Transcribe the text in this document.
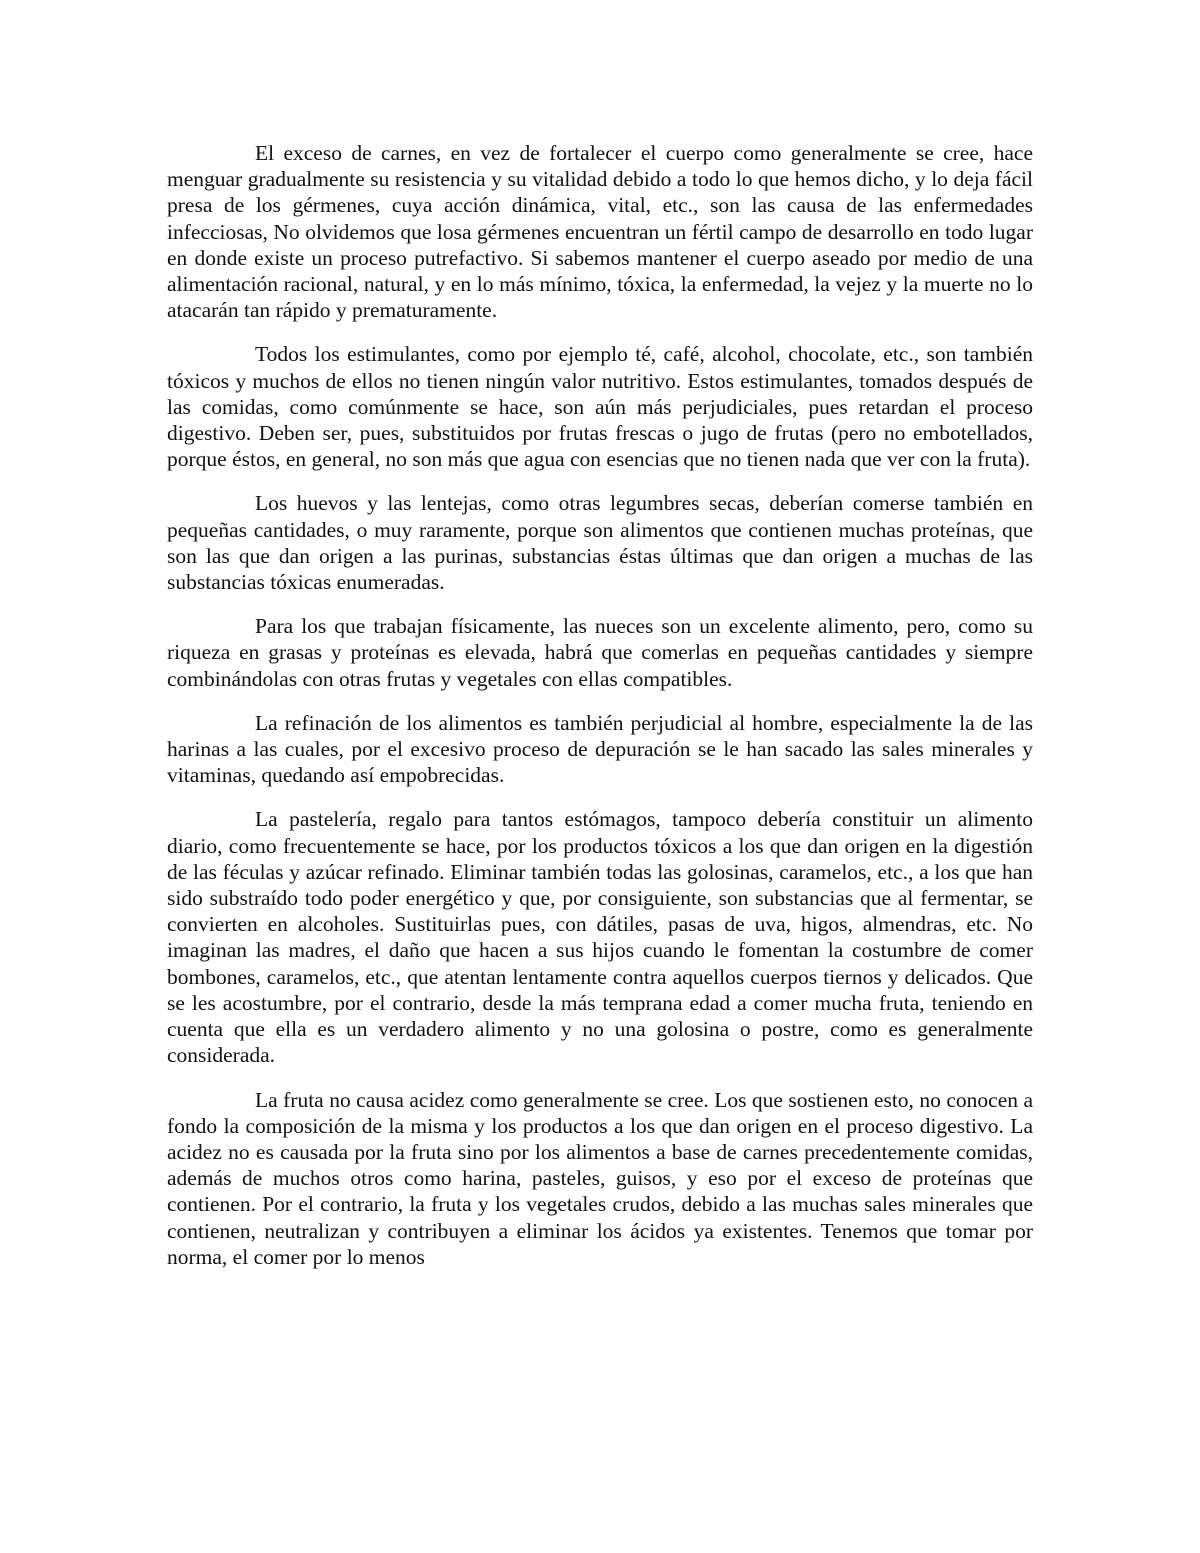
El exceso de carnes, en vez de fortalecer el cuerpo como generalmente se cree, hace menguar gradualmente su resistencia y su vitalidad debido a todo lo que hemos dicho, y lo deja fácil presa de los gérmenes, cuya acción dinámica, vital, etc., son las causa de las enfermedades infecciosas, No olvidemos que losa gérmenes encuentran un fértil campo de desarrollo en todo lugar en donde existe un proceso putrefactivo. Si sabemos mantener el cuerpo aseado por medio de una alimentación racional, natural, y en lo más mínimo, tóxica, la enfermedad, la vejez y la muerte no lo atacarán tan rápido y prematuramente.

Todos los estimulantes, como por ejemplo té, café, alcohol, chocolate, etc., son también tóxicos y muchos de ellos no tienen ningún valor nutritivo. Estos estimulantes, tomados después de las comidas, como comúnmente se hace, son aún más perjudiciales, pues retardan el proceso digestivo. Deben ser, pues, substituidos por frutas frescas o jugo de frutas (pero no embotellados, porque éstos, en general, no son más que agua con esencias que no tienen nada que ver con la fruta).

Los huevos y las lentejas, como otras legumbres secas, deberían comerse también en pequeñas cantidades, o muy raramente, porque son alimentos que contienen muchas proteínas, que son las que dan origen a las purinas, substancias éstas últimas que dan origen a muchas de las substancias tóxicas enumeradas.

Para los que trabajan físicamente, las nueces son un excelente alimento, pero, como su riqueza en grasas y proteínas es elevada, habrá que comerlas en pequeñas cantidades y siempre combinándolas con otras frutas y vegetales con ellas compatibles.

La refinación de los alimentos es también perjudicial al hombre, especialmente la de las harinas a las cuales, por el excesivo proceso de depuración se le han sacado las sales minerales y vitaminas, quedando así empobrecidas.

La pastelería, regalo para tantos estómagos, tampoco debería constituir un alimento diario, como frecuentemente se hace, por los productos tóxicos a los que dan origen en la digestión de las féculas y azúcar refinado. Eliminar también todas las golosinas, caramelos, etc., a los que han sido substraído todo poder energético y que, por consiguiente, son substancias que al fermentar, se convierten en alcoholes. Sustituirlas pues, con dátiles, pasas de uva, higos, almendras, etc. No imaginan las madres, el daño que hacen a sus hijos cuando le fomentan la costumbre de comer bombones, caramelos, etc., que atentan lentamente contra aquellos cuerpos tiernos y delicados. Que se les acostumbre, por el contrario, desde la más temprana edad a comer mucha fruta, teniendo en cuenta que ella es un verdadero alimento y no una golosina o postre, como es generalmente considerada.

La fruta no causa acidez como generalmente se cree. Los que sostienen esto, no conocen a fondo la composición de la misma y los productos a los que dan origen en el proceso digestivo. La acidez no es causada por la fruta sino por los alimentos a base de carnes precedentemente comidas, además de muchos otros como harina, pasteles, guisos, y eso por el exceso de proteínas que contienen. Por el contrario, la fruta y los vegetales crudos, debido a las muchas sales minerales que contienen, neutralizan y contribuyen a eliminar los ácidos ya existentes. Tenemos que tomar por norma, el comer por lo menos
